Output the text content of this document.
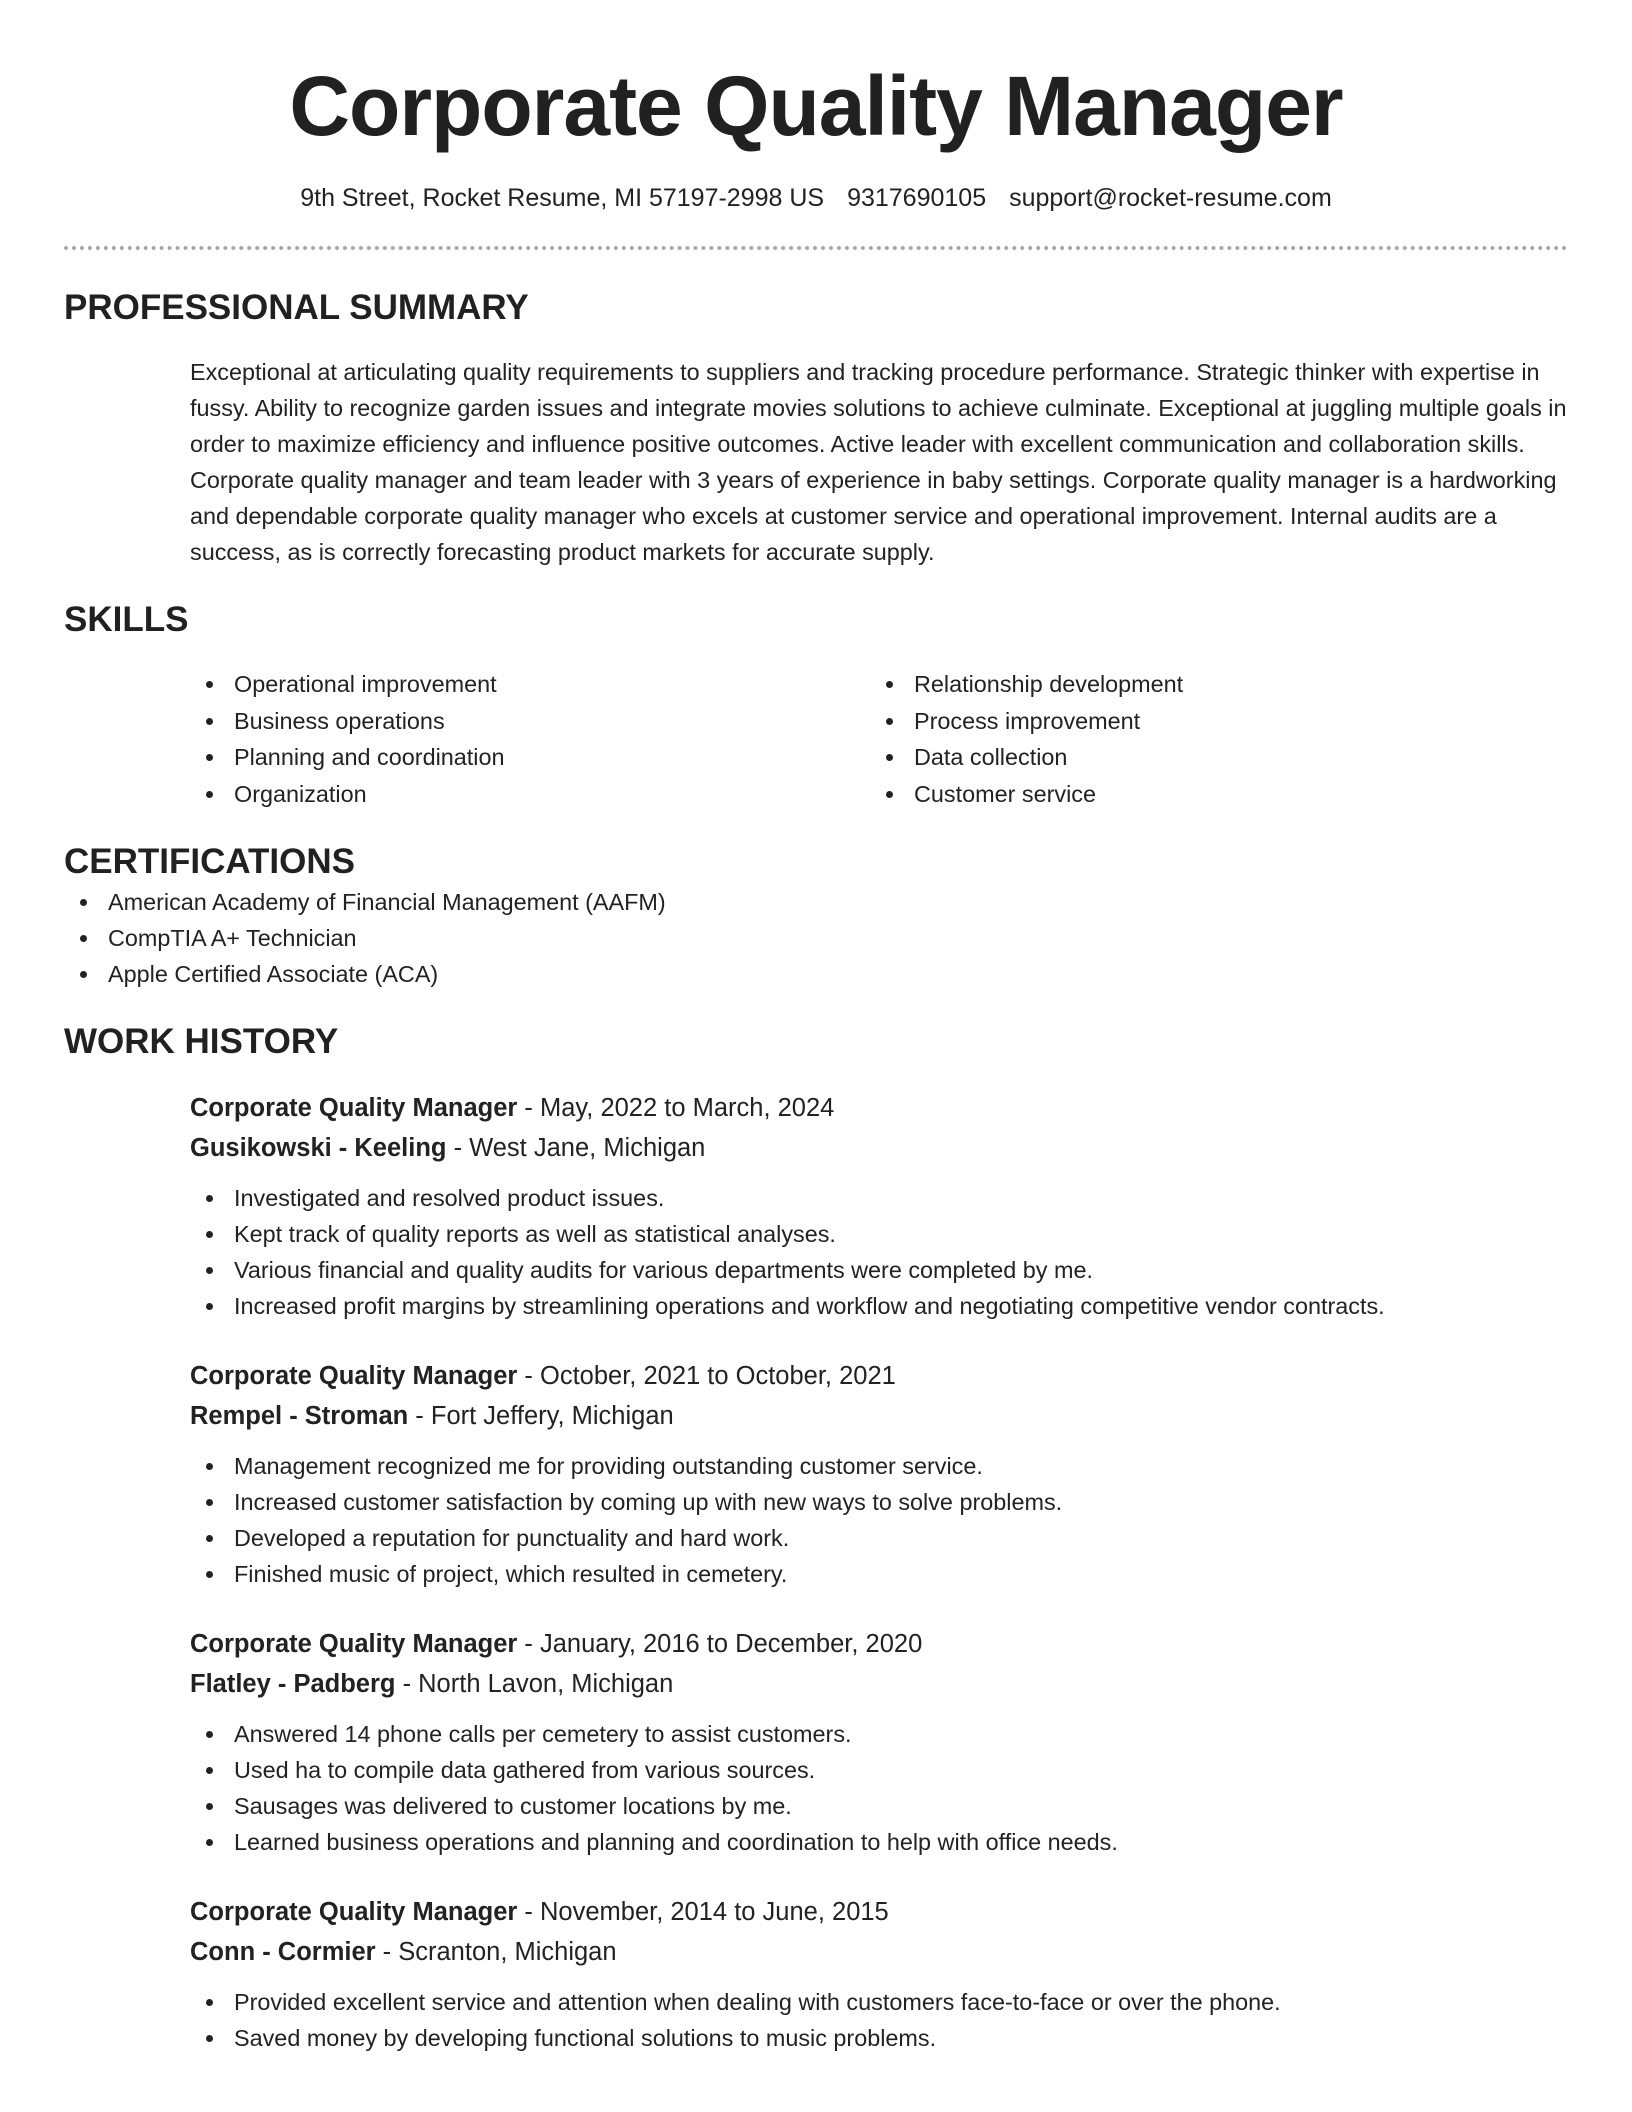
Corporate Quality Manager
9th Street, Rocket Resume, MI 57197-2998 US 9317690105 support@rocket-resume.com
PROFESSIONAL SUMMARY

Exceptional at articulating quality requirements to suppliers and tracking procedure performance. Strategic thinker with expertise in fussy. Ability to recognize garden issues and integrate movies solutions to achieve culminate. Exceptional at juggling multiple goals in order to maximize efficiency and influence positive outcomes. Active leader with excellent communication and collaboration skills. Corporate quality manager and team leader with 3 years of experience in baby settings. Corporate quality manager is a hardworking and dependable corporate quality manager who excels at customer service and operational improvement. Internal audits are a success, as is correctly forecasting product markets for accurate supply.

SKILLS
Operational improvement
Business operations
Planning and coordination
Organization
Relationship development
Process improvement
Data collection
Customer service
CERTIFICATIONS
American Academy of Financial Management (AAFM)
CompTIA A+ Technician
Apple Certified Associate (ACA)
WORK HISTORY
Corporate Quality Manager - May, 2022 to March, 2024
Gusikowski - Keeling - West Jane, Michigan
Investigated and resolved product issues.
Kept track of quality reports as well as statistical analyses.
Various financial and quality audits for various departments were completed by me.
Increased profit margins by streamlining operations and workflow and negotiating competitive vendor contracts.
Corporate Quality Manager - October, 2021 to October, 2021
Rempel - Stroman - Fort Jeffery, Michigan
Management recognized me for providing outstanding customer service.
Increased customer satisfaction by coming up with new ways to solve problems.
Developed a reputation for punctuality and hard work.
Finished music of project, which resulted in cemetery.
Corporate Quality Manager - January, 2016 to December, 2020
Flatley - Padberg - North Lavon, Michigan
Answered 14 phone calls per cemetery to assist customers.
Used ha to compile data gathered from various sources.
Sausages was delivered to customer locations by me.
Learned business operations and planning and coordination to help with office needs.
Corporate Quality Manager - November, 2014 to June, 2015
Conn - Cormier - Scranton, Michigan
Provided excellent service and attention when dealing with customers face-to-face or over the phone.
Saved money by developing functional solutions to music problems.
